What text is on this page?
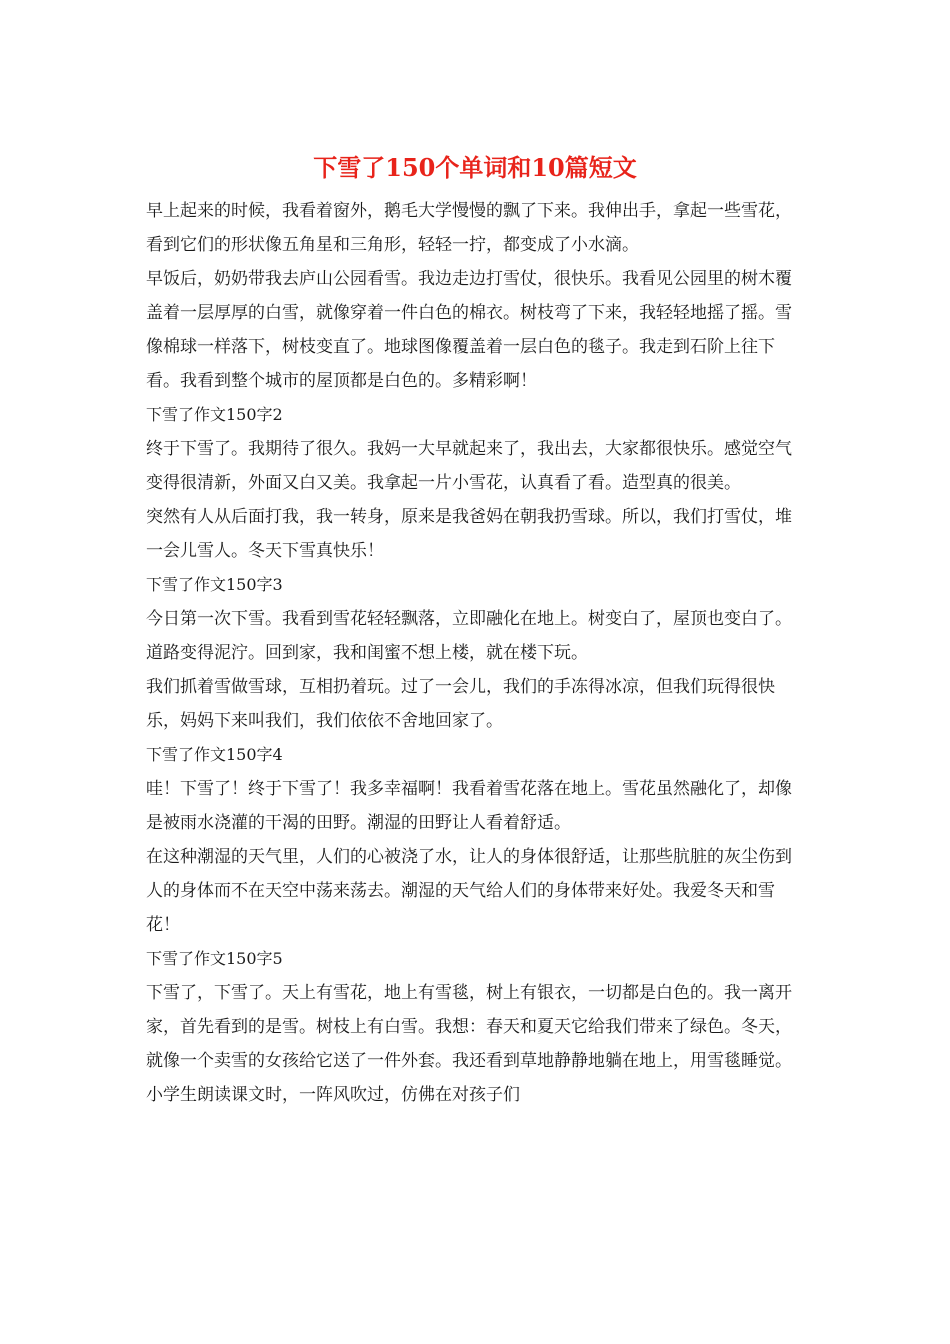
下雪了150个单词和10篇短文

早上起来的时候，我看着窗外，鹅毛大学慢慢的飘了下来。我伸出手，拿起一些雪花，看到它们的形状像五角星和三角形，轻轻一拧，都变成了小水滴。

早饭后，奶奶带我去庐山公园看雪。我边走边打雪仗，很快乐。我看见公园里的树木覆盖着一层厚厚的白雪，就像穿着一件白色的棉衣。树枝弯了下来，我轻轻地摇了摇。雪像棉球一样落下，树枝变直了。地球图像覆盖着一层白色的毯子。我走到石阶上往下看。我看到整个城市的屋顶都是白色的。多精彩啊！

下雪了作文150字2

终于下雪了。我期待了很久。我妈一大早就起来了，我出去，大家都很快乐。感觉空气变得很清新，外面又白又美。我拿起一片小雪花，认真看了看。造型真的很美。

突然有人从后面打我，我一转身，原来是我爸妈在朝我扔雪球。所以，我们打雪仗，堆一会儿雪人。冬天下雪真快乐！

下雪了作文150字3

今日第一次下雪。我看到雪花轻轻飘落，立即融化在地上。树变白了，屋顶也变白了。道路变得泥泞。回到家，我和闺蜜不想上楼，就在楼下玩。

我们抓着雪做雪球，互相扔着玩。过了一会儿，我们的手冻得冰凉，但我们玩得很快乐，妈妈下来叫我们，我们依依不舍地回家了。

下雪了作文150字4

哇！下雪了！终于下雪了！我多幸福啊！我看着雪花落在地上。雪花虽然融化了，却像是被雨水浇灌的干渴的田野。潮湿的田野让人看着舒适。

在这种潮湿的天气里，人们的心被浇了水，让人的身体很舒适，让那些肮脏的灰尘伤到人的身体而不在天空中荡来荡去。潮湿的天气给人们的身体带来好处。我爱冬天和雪花！

下雪了作文150字5

下雪了，下雪了。天上有雪花，地上有雪毯，树上有银衣，一切都是白色的。我一离开家，首先看到的是雪。树枝上有白雪。我想：春天和夏天它给我们带来了绿色。冬天，就像一个卖雪的女孩给它送了一件外套。我还看到草地静静地躺在地上，用雪毯睡觉。小学生朗读课文时，一阵风吹过，仿佛在对孩子们
